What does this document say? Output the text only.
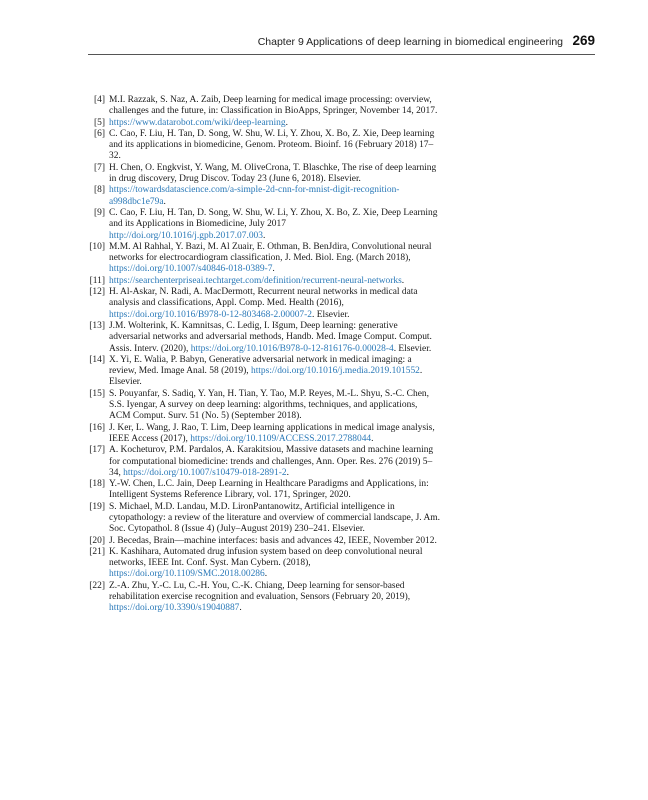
Chapter 9 Applications of deep learning in biomedical engineering 269
[4] M.I. Razzak, S. Naz, A. Zaib, Deep learning for medical image processing: overview, challenges and the future, in: Classification in BioApps, Springer, November 14, 2017.
[5] https://www.datarobot.com/wiki/deep-learning.
[6] C. Cao, F. Liu, H. Tan, D. Song, W. Shu, W. Li, Y. Zhou, X. Bo, Z. Xie, Deep learning and its applications in biomedicine, Genom. Proteom. Bioinf. 16 (February 2018) 17–32.
[7] H. Chen, O. Engkvist, Y. Wang, M. OliveCrona, T. Blaschke, The rise of deep learning in drug discovery, Drug Discov. Today 23 (June 6, 2018). Elsevier.
[8] https://towardsdatascience.com/a-simple-2d-cnn-for-mnist-digit-recognition-a998dbc1e79a.
[9] C. Cao, F. Liu, H. Tan, D. Song, W. Shu, W. Li, Y. Zhou, X. Bo, Z. Xie, Deep Learning and its Applications in Biomedicine, July 2017 http://doi.org/10.1016/j.gpb.2017.07.003.
[10] M.M. Al Rahhal, Y. Bazi, M. Al Zuair, E. Othman, B. BenJdira, Convolutional neural networks for electrocardiogram classification, J. Med. Biol. Eng. (March 2018), https://doi.org/10.1007/s40846-018-0389-7.
[11] https://searchenterpriseai.techtarget.com/definition/recurrent-neural-networks.
[12] H. Al-Askar, N. Radi, A. MacDermott, Recurrent neural networks in medical data analysis and classifications, Appl. Comp. Med. Health (2016), https://doi.org/10.1016/B978-0-12-803468-2.00007-2. Elsevier.
[13] J.M. Wolterink, K. Kamnitsas, C. Ledig, I. Išgum, Deep learning: generative adversarial networks and adversarial methods, Handb. Med. Image Comput. Comput. Assis. Interv. (2020), https://doi.org/10.1016/B978-0-12-816176-0.00028-4. Elsevier.
[14] X. Yi, E. Walia, P. Babyn, Generative adversarial network in medical imaging: a review, Med. Image Anal. 58 (2019), https://doi.org/10.1016/j.media.2019.101552. Elsevier.
[15] S. Pouyanfar, S. Sadiq, Y. Yan, H. Tian, Y. Tao, M.P. Reyes, M.-L. Shyu, S.-C. Chen, S.S. Iyengar, A survey on deep learning: algorithms, techniques, and applications, ACM Comput. Surv. 51 (No. 5) (September 2018).
[16] J. Ker, L. Wang, J. Rao, T. Lim, Deep learning applications in medical image analysis, IEEE Access (2017), https://doi.org/10.1109/ACCESS.2017.2788044.
[17] A. Kocheturov, P.M. Pardalos, A. Karakitsiou, Massive datasets and machine learning for computational biomedicine: trends and challenges, Ann. Oper. Res. 276 (2019) 5–34, https://doi.org/10.1007/s10479-018-2891-2.
[18] Y.-W. Chen, L.C. Jain, Deep Learning in Healthcare Paradigms and Applications, in: Intelligent Systems Reference Library, vol. 171, Springer, 2020.
[19] S. Michael, M.D. Landau, M.D. LironPantanowitz, Artificial intelligence in cytopathology: a review of the literature and overview of commercial landscape, J. Am. Soc. Cytopathol. 8 (Issue 4) (July–August 2019) 230–241. Elsevier.
[20] J. Becedas, Brain—machine interfaces: basis and advances 42, IEEE, November 2012.
[21] K. Kashihara, Automated drug infusion system based on deep convolutional neural networks, IEEE Int. Conf. Syst. Man Cybern. (2018), https://doi.org/10.1109/SMC.2018.00286.
[22] Z.-A. Zhu, Y.-C. Lu, C.-H. You, C.-K. Chiang, Deep learning for sensor-based rehabilitation exercise recognition and evaluation, Sensors (February 20, 2019), https://doi.org/10.3390/s19040887.
